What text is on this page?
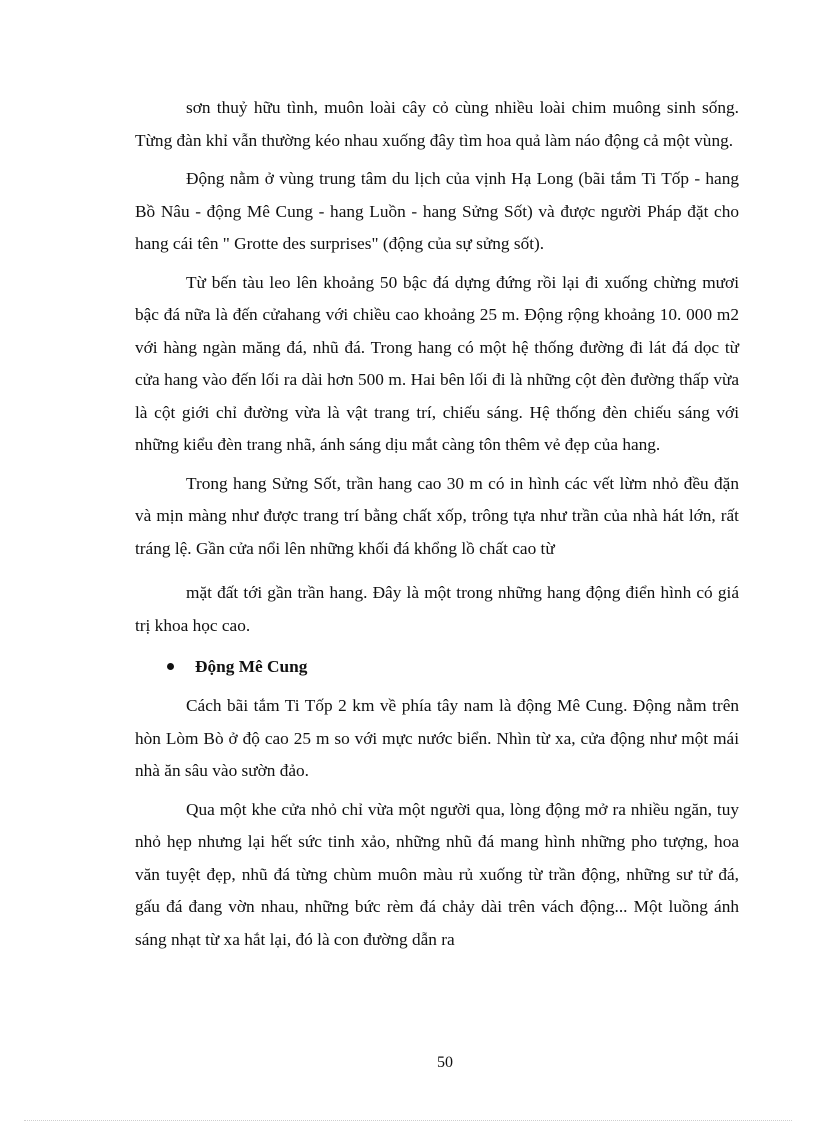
sơn thuỷ hữu tình, muôn loài cây cỏ cùng nhiều loài chim muông sinh sống. Từng đàn khỉ vẫn thường kéo nhau xuống đây tìm hoa quả làm náo động cả một vùng.

Động nằm ở vùng trung tâm du lịch của vịnh Hạ Long (bãi tắm Ti Tốp - hang Bồ Nâu - động Mê Cung - hang Luồn - hang Sửng Sốt) và được người Pháp đặt cho hang cái tên " Grotte des surprises" (động của sự sửng sốt).

Từ bến tàu leo lên khoảng 50 bậc đá dựng đứng rồi lại đi xuống chừng mươi bậc đá nữa là đến cửahang với chiều cao khoảng 25 m. Động rộng khoảng 10. 000 m2 với hàng ngàn măng đá, nhũ đá. Trong hang có một hệ thống đường đi lát đá dọc từ cửa hang vào đến lối ra dài hơn 500 m. Hai bên lối đi là những cột đèn đường thấp vừa là cột giới chỉ đường vừa là vật trang trí, chiếu sáng. Hệ thống đèn chiếu sáng với những kiểu đèn trang nhã, ánh sáng dịu mắt càng tôn thêm vẻ đẹp của hang.

Trong hang Sửng Sốt, trần hang cao 30 m có in hình các vết lừm nhỏ đều đặn và mịn màng như được trang trí bằng chất xốp, trông tựa như trần của nhà hát lớn, rất tráng lệ. Gần cửa nổi lên những khối đá khổng lồ chất cao từ

mặt đất tới gần trần hang. Đây là một trong những hang động điển hình có giá trị khoa học cao.

Động Mê Cung

Cách bãi tắm Ti Tốp 2 km về phía tây nam là động Mê Cung. Động nằm trên hòn Lòm Bò ở độ cao 25 m so với mực nước biển. Nhìn từ xa, cửa động như một mái nhà ăn sâu vào sườn đảo.

Qua một khe cửa nhỏ chỉ vừa một người qua, lòng động mở ra nhiều ngăn, tuy nhỏ hẹp nhưng lại hết sức tinh xảo, những nhũ đá mang hình những pho tượng, hoa văn tuyệt đẹp, nhũ đá từng chùm muôn màu rủ xuống từ trần động, những sư tử đá, gấu đá đang vờn nhau, những bức rèm đá chảy dài trên vách động... Một luồng ánh sáng nhạt từ xa hắt lại, đó là con đường dẫn ra

50
